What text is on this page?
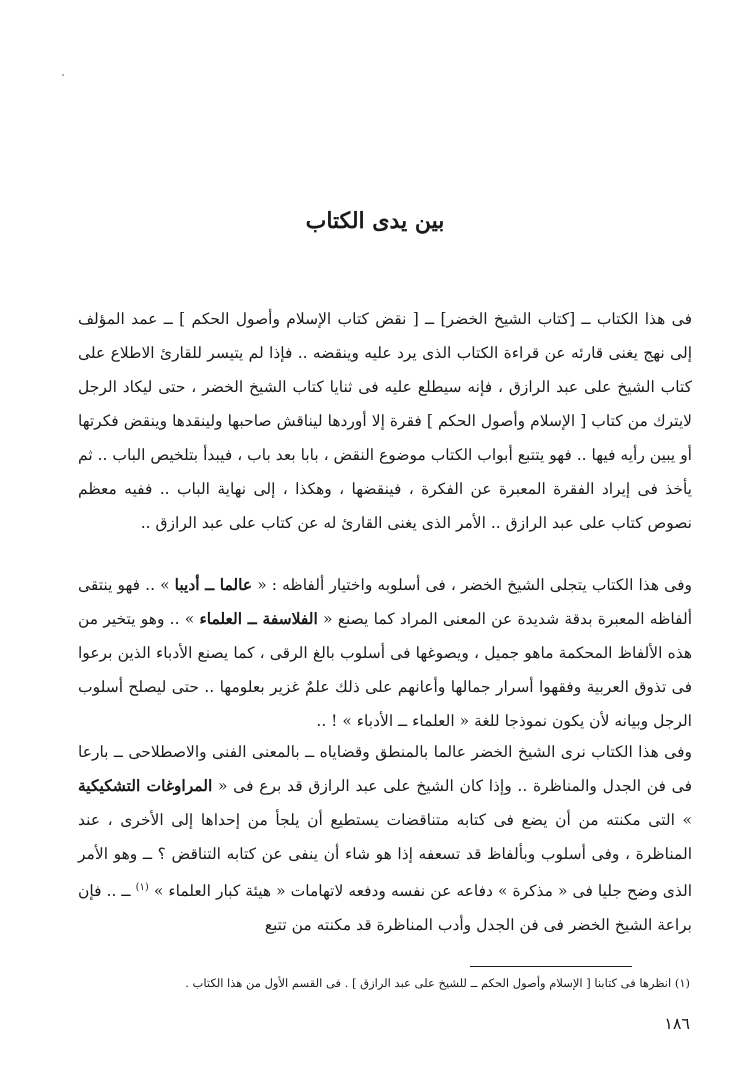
بين يدى الكتاب

فى هذا الكتاب ــ [كتاب الشيخ الخضر] ــ [ نقض كتاب الإسلام وأصول الحكم ] ــ عمد المؤلف إلى نهج يغنى قارئه عن قراءة الكتاب الذى يرد عليه وينقضه .. فإذا لم يتيسر للقارئ الاطلاع على كتاب الشيخ على عبد الرازق ، فإنه سيطلع عليه فى ثنايا كتاب الشيخ الخضر ، حتى ليكاد الرجل لايترك من كتاب [ الإسلام وأصول الحكم ] فقرة إلا أوردها ليناقش صاحبها ولينقدها وينقض فكرتها أو يبين رأيه فيها .. فهو يتتبع أبواب الكتاب موضوع النقض ، بابا بعد باب ، فيبدأ بتلخيص الباب .. ثم يأخذ فى إيراد الفقرة المعبرة عن الفكرة ، فينقضها ، وهكذا ، إلى نهاية الباب .. ففيه معظم نصوص كتاب على عبد الرازق .. الأمر الذى يغنى القارئ له عن كتاب على عبد الرازق ..

وفى هذا الكتاب يتجلى الشيخ الخضر ، فى أسلوبه واختيار ألفاظه : « عالما ــ أديبا » .. فهو ينتقى ألفاظه المعبرة بدقة شديدة عن المعنى المراد كما يصنع « الفلاسفة ــ العلماء » .. وهو يتخير من هذه الألفاظ المحكمة ماهو جميل ، ويصوغها فى أسلوب بالغ الرقى ، كما يصنع الأدباء الذين برعوا فى تذوق العربية وفقهوا أسرار جمالها وأعانهم على ذلك علمٌ غزير بعلومها .. حتى ليصلح أسلوب الرجل وبيانه لأن يكون نموذجا للغة « العلماء ــ الأدباء » ! ..

وفى هذا الكتاب نرى الشيخ الخضر عالما بالمنطق وقضاياه ــ بالمعنى الفنى والاصطلاحى ــ بارعا فى فن الجدل والمناظرة .. وإذا كان الشيخ على عبد الرازق قد برع فى « المراوغات التشكيكية » التى مكنته من أن يضع فى كتابه متناقضات يستطيع أن يلجأ من إحداها إلى الأخرى ، عند المناظرة ، وفى أسلوب وبألفاظ قد تسعفه إذا هو شاء أن ينفى عن كتابه التناقض ؟ ــ وهو الأمر الذى وضح جليا فى « مذكرة » دفاعه عن نفسه ودفعه لاتهامات « هيئة كبار العلماء » $^{(١)}$ ــ .. فإن براعة الشيخ الخضر فى فن الجدل وأدب المناظرة قد مكنته من تتبع

(١) انظرها فى كتابنا [ الإسلام وأصول الحكم ــ للشيخ على عبد الرازق ] . فى القسم الأول من هذا الكتاب .
١٨٦
